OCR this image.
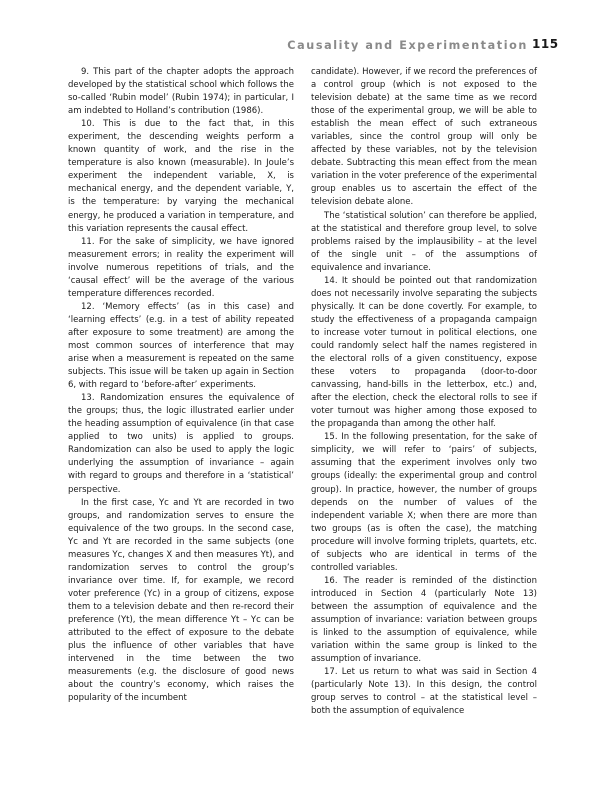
Causality and Experimentation 115

9. This part of the chapter adopts the approach developed by the statistical school which follows the so-called ‘Rubin model’ (Rubin 1974); in particular, I am indebted to Holland’s contribution (1986).

10. This is due to the fact that, in this experiment, the descending weights perform a known quantity of work, and the rise in the temperature is also known (measurable). In Joule’s experiment the independent variable, X, is mechanical energy, and the dependent variable, Y, is the temperature: by varying the mechanical energy, he produced a variation in temperature, and this variation represents the causal effect.

11. For the sake of simplicity, we have ignored measurement errors; in reality the experiment will involve numerous repetitions of trials, and the ‘causal effect’ will be the average of the various temperature differences recorded.

12. ‘Memory effects’ (as in this case) and ‘learning effects’ (e.g. in a test of ability repeated after exposure to some treatment) are among the most common sources of interference that may arise when a measurement is repeated on the same subjects. This issue will be taken up again in Section 6, with regard to ‘before-after’ experiments.

13. Randomization ensures the equivalence of the groups; thus, the logic illustrated earlier under the heading assumption of equivalence (in that case applied to two units) is applied to groups. Randomization can also be used to apply the logic underlying the assumption of invariance – again with regard to groups and therefore in a ‘statistical’ perspective.

In the first case, Yc and Yt are recorded in two groups, and randomization serves to ensure the equivalence of the two groups. In the second case, Yc and Yt are recorded in the same subjects (one measures Yc, changes X and then measures Yt), and randomization serves to control the group’s invariance over time. If, for example, we record voter preference (Yc) in a group of citizens, expose them to a television debate and then re-record their preference (Yt), the mean difference Yt – Yc can be attributed to the effect of exposure to the debate plus the influence of other variables that have intervened in the time between the two measurements (e.g. the disclosure of good news about the country’s economy, which raises the popularity of the incumbent

candidate). However, if we record the preferences of a control group (which is not exposed to the television debate) at the same time as we record those of the experimental group, we will be able to establish the mean effect of such extraneous variables, since the control group will only be affected by these variables, not by the television debate. Subtracting this mean effect from the mean variation in the voter preference of the experimental group enables us to ascertain the effect of the television debate alone.

The ‘statistical solution’ can therefore be applied, at the statistical and therefore group level, to solve problems raised by the implausibility – at the level of the single unit – of the assumptions of equivalence and invariance.

14. It should be pointed out that randomization does not necessarily involve separating the subjects physically. It can be done covertly. For example, to study the effectiveness of a propaganda campaign to increase voter turnout in political elections, one could randomly select half the names registered in the electoral rolls of a given constituency, expose these voters to propaganda (door-to-door canvassing, hand-bills in the letterbox, etc.) and, after the election, check the electoral rolls to see if voter turnout was higher among those exposed to the propaganda than among the other half.

15. In the following presentation, for the sake of simplicity, we will refer to ‘pairs’ of subjects, assuming that the experiment involves only two groups (ideally: the experimental group and control group). In practice, however, the number of groups depends on the number of values of the independent variable X; when there are more than two groups (as is often the case), the matching procedure will involve forming triplets, quartets, etc. of subjects who are identical in terms of the controlled variables.

16. The reader is reminded of the distinction introduced in Section 4 (particularly Note 13) between the assumption of equivalence and the assumption of invariance: variation between groups is linked to the assumption of equivalence, while variation within the same group is linked to the assumption of invariance.

17. Let us return to what was said in Section 4 (particularly Note 13). In this design, the control group serves to control – at the statistical level – both the assumption of equivalence
